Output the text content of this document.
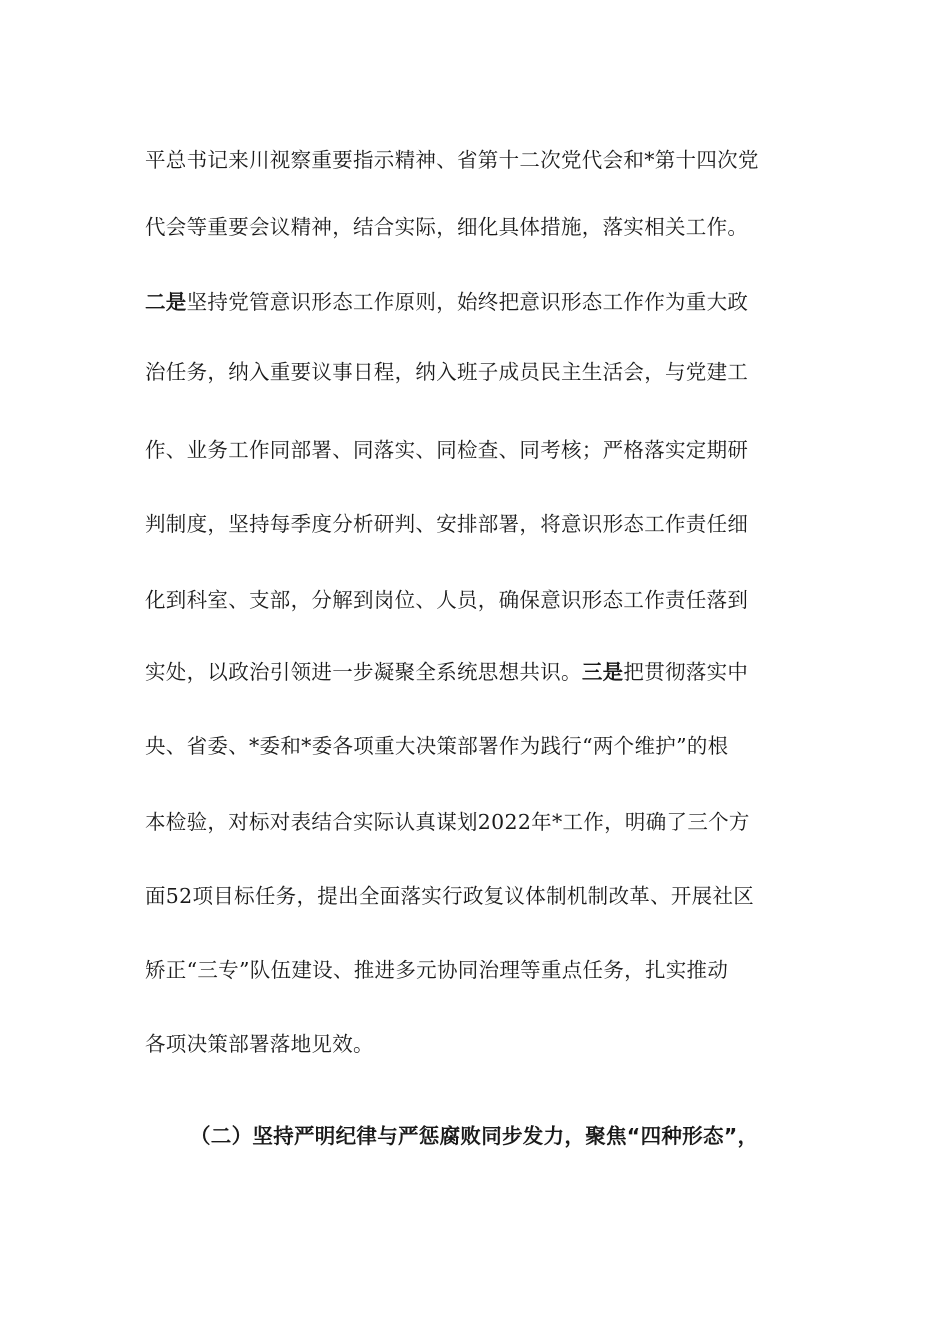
平总书记来川视察重要指示精神、省第十二次党代会和*第十四次党
代会等重要会议精神，结合实际，细化具体措施，落实相关工作。
二是坚持党管意识形态工作原则，始终把意识形态工作作为重大政
治任务，纳入重要议事日程，纳入班子成员民主生活会，与党建工
作、业务工作同部署、同落实、同检查、同考核；严格落实定期研
判制度，坚持每季度分析研判、安排部署，将意识形态工作责任细
化到科室、支部，分解到岗位、人员，确保意识形态工作责任落到
实处，以政治引领进一步凝聚全系统思想共识。三是把贯彻落实中
央、省委、*委和*委各项重大决策部署作为践行“两个维护”的根
本检验，对标对表结合实际认真谋划2022年*工作，明确了三个方
面52项目标任务，提出全面落实行政复议体制机制改革、开展社区
矫正“三专”队伍建设、推进多元协同治理等重点任务，扎实推动
各项决策部署落地见效。
（二）坚持严明纪律与严惩腐败同步发力，聚焦“四种形态”，
